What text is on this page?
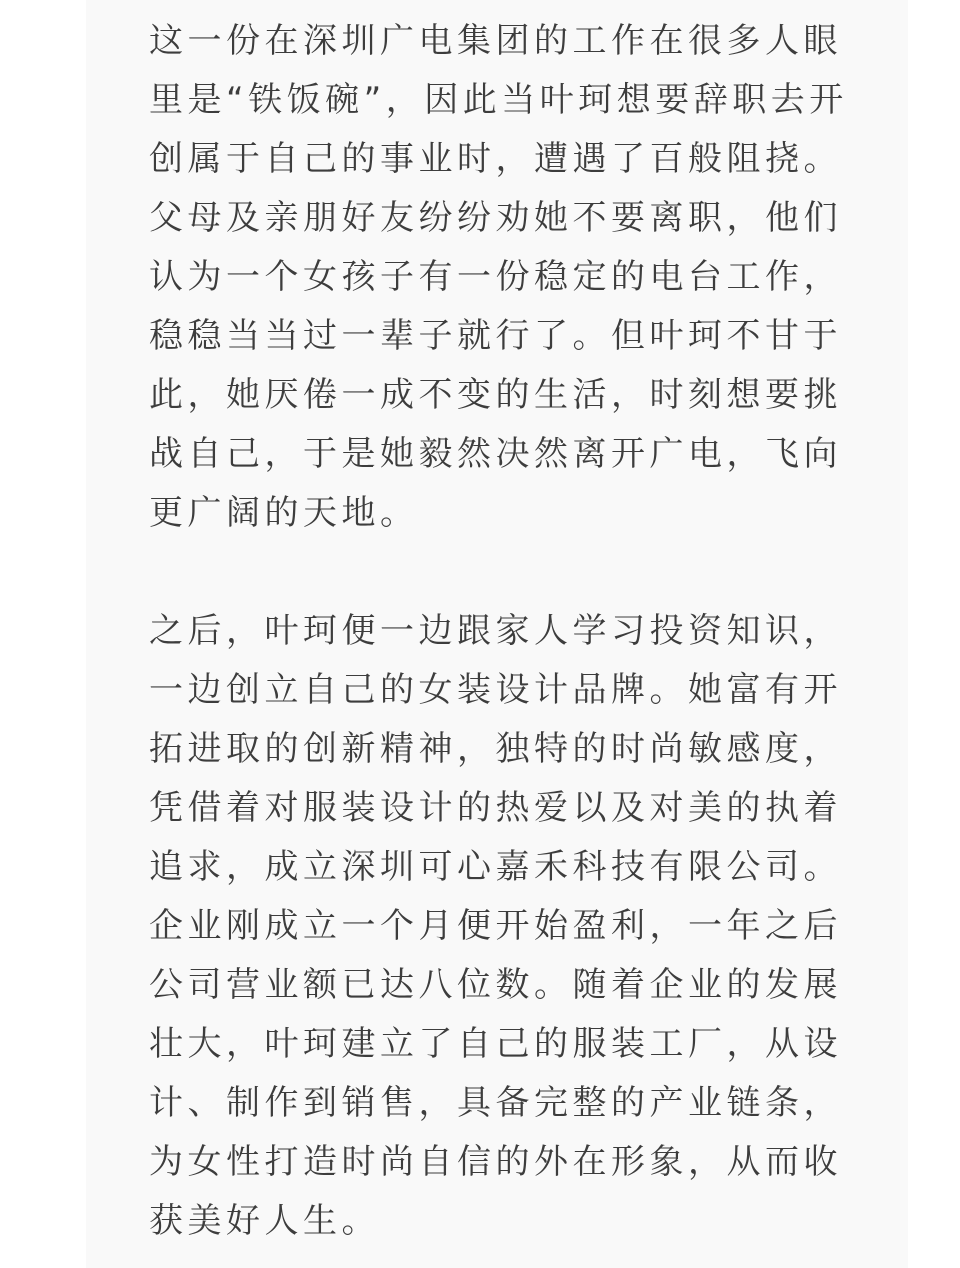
这一份在深圳广电集团的工作在很多人眼
里是“铁饭碗”，因此当叶珂想要辞职去开
创属于自己的事业时，遭遇了百般阻挠。
父母及亲朋好友纷纷劝她不要离职，他们
认为一个女孩子有一份稳定的电台工作，
稳稳当当过一辈子就行了。但叶珂不甘于
此，她厌倦一成不变的生活，时刻想要挑
战自己，于是她毅然决然离开广电，飞向
更广阔的天地。
之后，叶珂便一边跟家人学习投资知识，
一边创立自己的女装设计品牌。她富有开
拓进取的创新精神，独特的时尚敏感度，
凭借着对服装设计的热爱以及对美的执着
追求，成立深圳可心嘉禾科技有限公司。
企业刚成立一个月便开始盈利，一年之后
公司营业额已达八位数。随着企业的发展
壮大，叶珂建立了自己的服装工厂，从设
计、制作到销售，具备完整的产业链条，
为女性打造时尚自信的外在形象，从而收
获美好人生。
